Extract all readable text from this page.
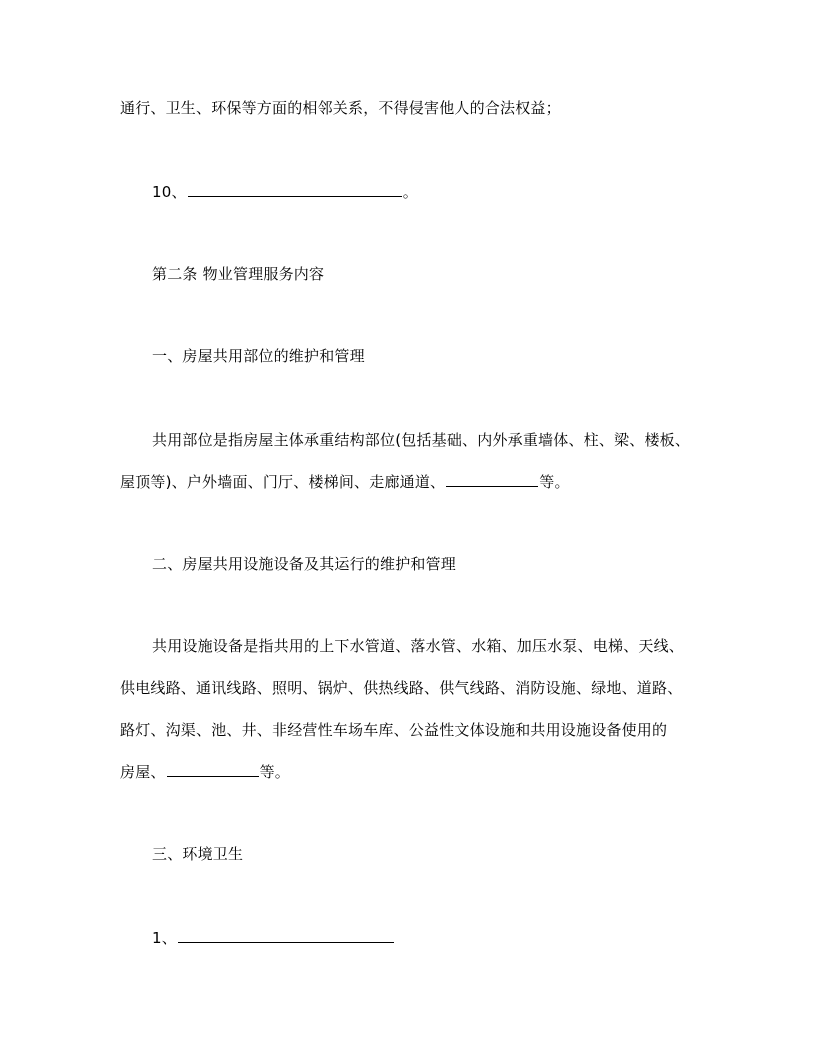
通行、卫生、环保等方面的相邻关系，不得侵害他人的合法权益；
10、	。
第二条 物业管理服务内容
一、房屋共用部位的维护和管理
共用部位是指房屋主体承重结构部位(包括基础、内外承重墙体、柱、梁、楼板、
屋顶等)、户外墙面、门厅、楼梯间、走廊通道、	等。
二、房屋共用设施设备及其运行的维护和管理
共用设施设备是指共用的上下水管道、落水管、水箱、加压水泵、电梯、天线、
供电线路、通讯线路、照明、锅炉、供热线路、供气线路、消防设施、绿地、道路、
路灯、沟渠、池、井、非经营性车场车库、公益性文体设施和共用设施设备使用的
房屋、	等。
三、环境卫生
1、
